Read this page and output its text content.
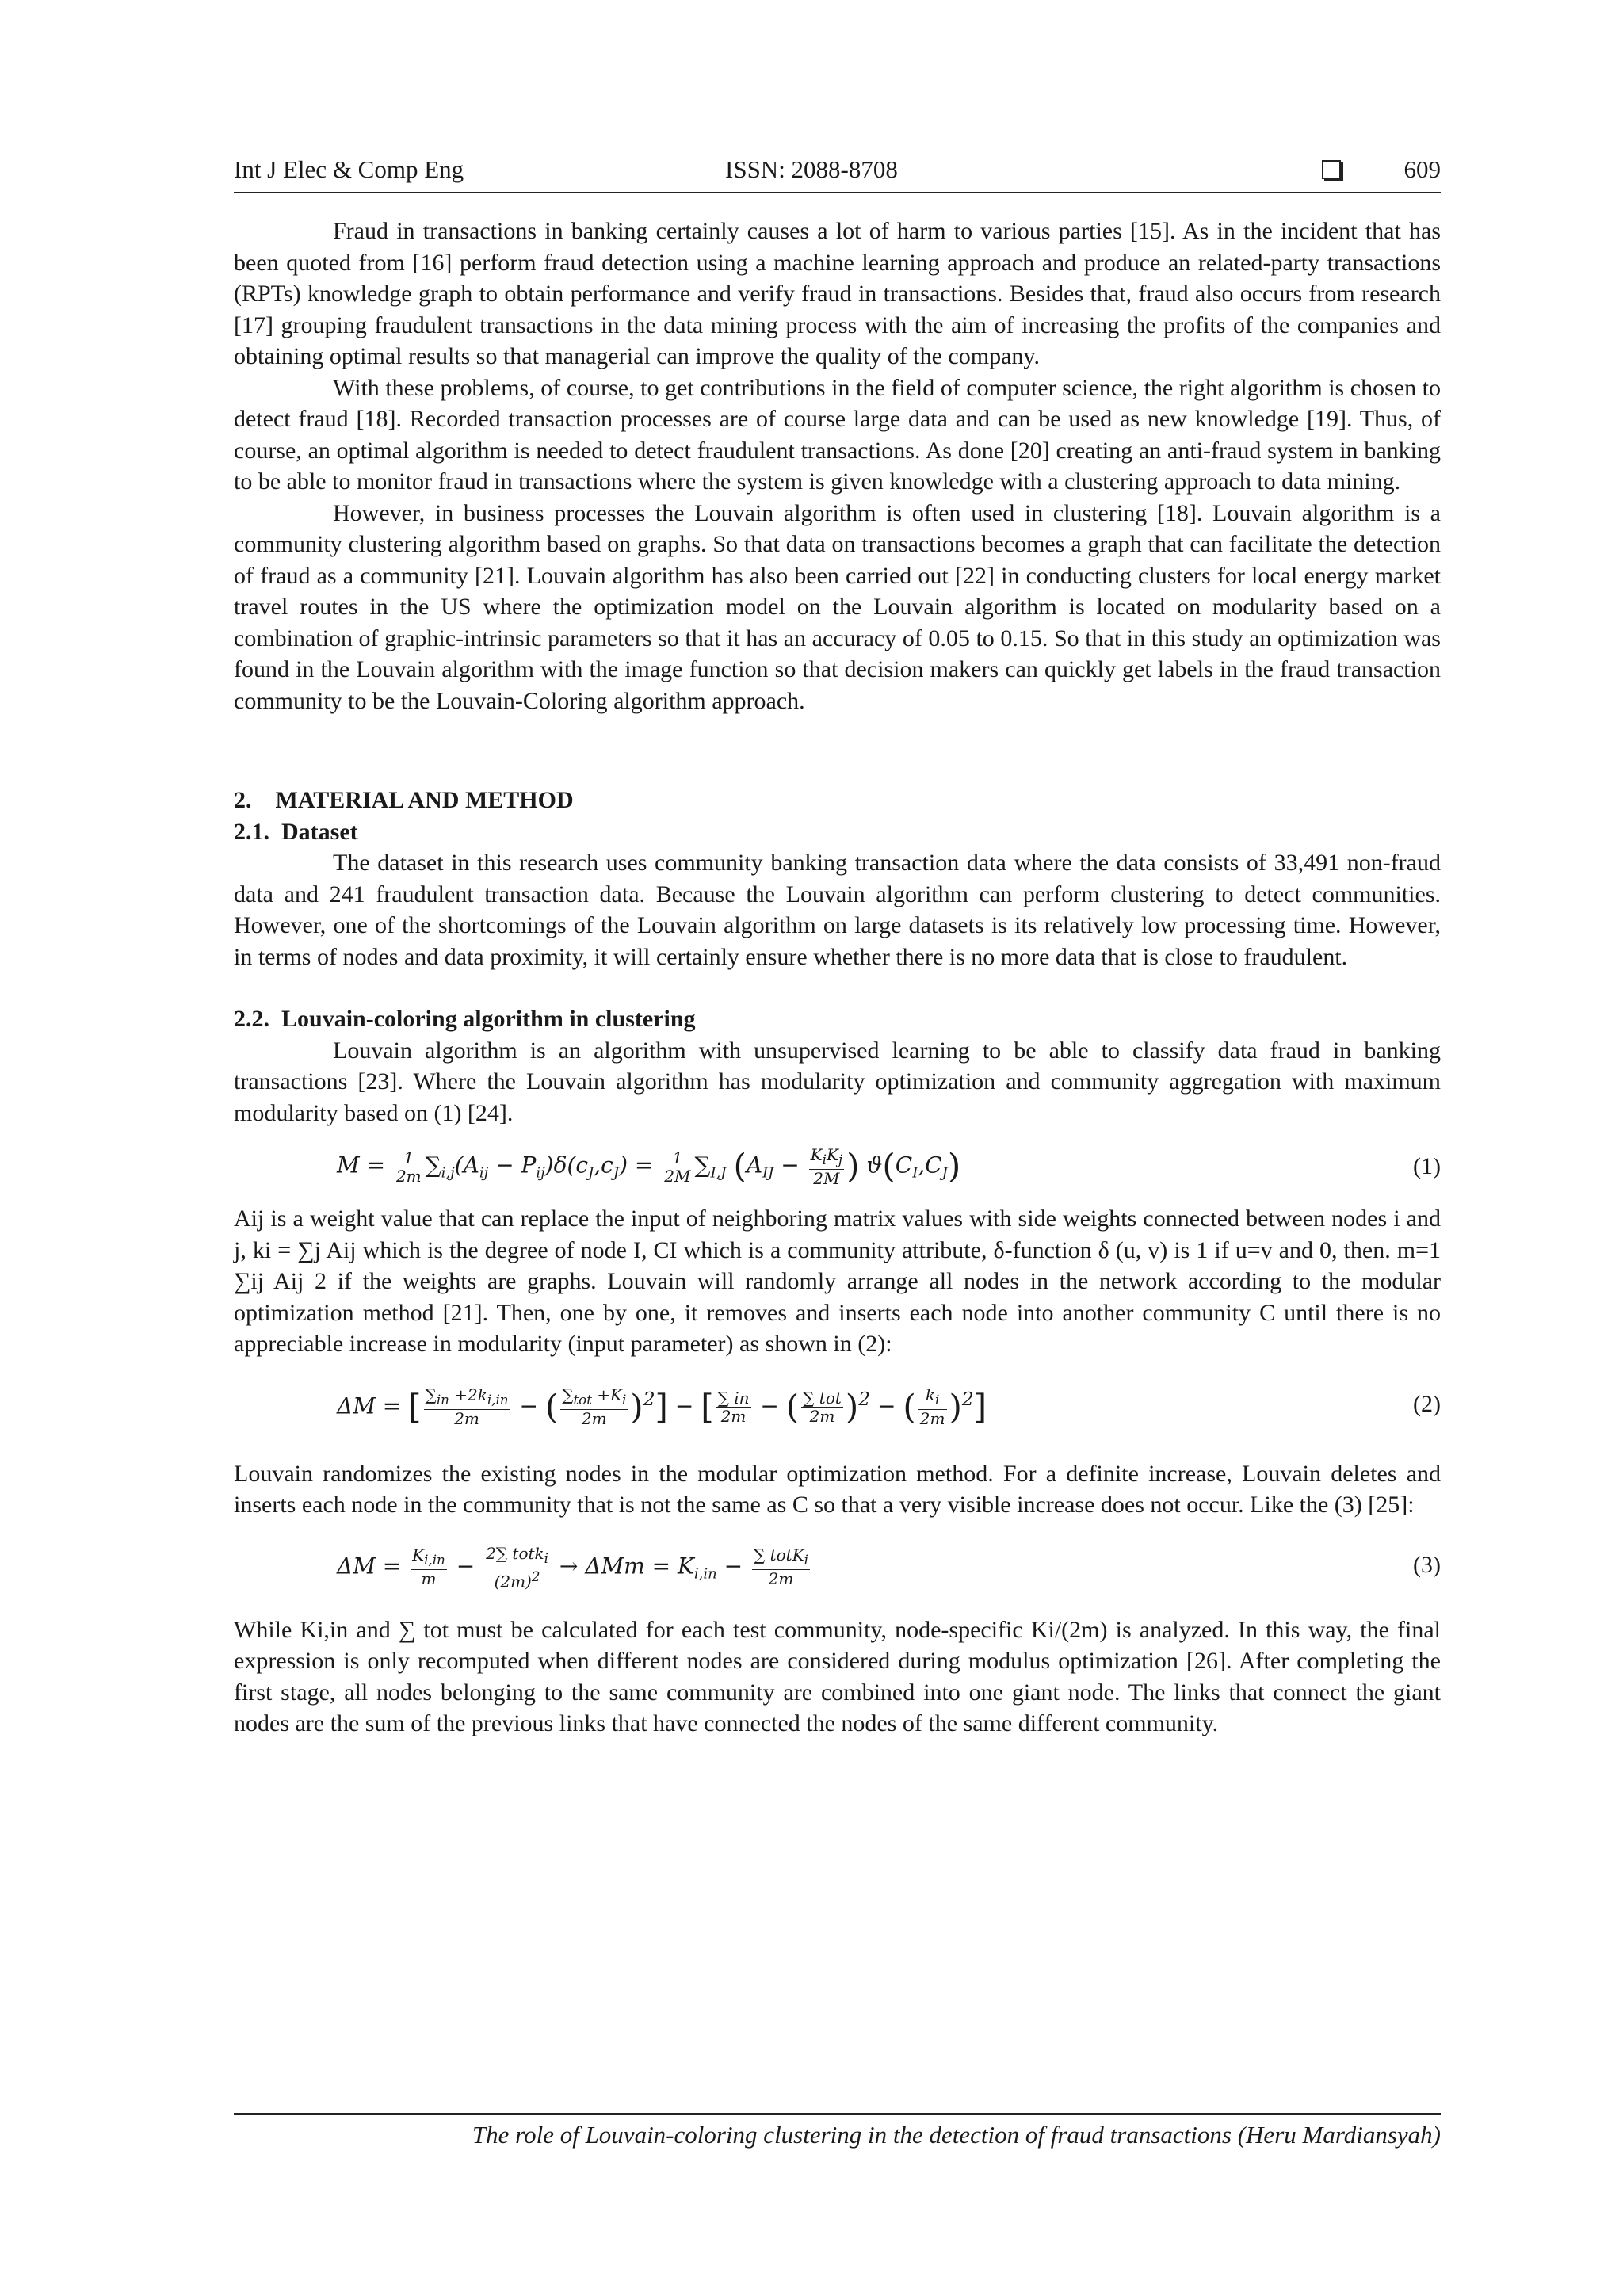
Int J Elec & Comp Eng	ISSN: 2088-8708	609

Fraud in transactions in banking certainly causes a lot of harm to various parties [15]. As in the incident that has been quoted from [16] perform fraud detection using a machine learning approach and produce an related-party transactions (RPTs) knowledge graph to obtain performance and verify fraud in transactions. Besides that, fraud also occurs from research [17] grouping fraudulent transactions in the data mining process with the aim of increasing the profits of the companies and obtaining optimal results so that managerial can improve the quality of the company.

With these problems, of course, to get contributions in the field of computer science, the right algorithm is chosen to detect fraud [18]. Recorded transaction processes are of course large data and can be used as new knowledge [19]. Thus, of course, an optimal algorithm is needed to detect fraudulent transactions. As done [20] creating an anti-fraud system in banking to be able to monitor fraud in transactions where the system is given knowledge with a clustering approach to data mining.

However, in business processes the Louvain algorithm is often used in clustering [18]. Louvain algorithm is a community clustering algorithm based on graphs. So that data on transactions becomes a graph that can facilitate the detection of fraud as a community [21]. Louvain algorithm has also been carried out [22] in conducting clusters for local energy market travel routes in the US where the optimization model on the Louvain algorithm is located on modularity based on a combination of graphic-intrinsic parameters so that it has an accuracy of 0.05 to 0.15. So that in this study an optimization was found in the Louvain algorithm with the image function so that decision makers can quickly get labels in the fraud transaction community to be the Louvain-Coloring algorithm approach.

2. MATERIAL AND METHOD

2.1. Dataset

The dataset in this research uses community banking transaction data where the data consists of 33,491 non-fraud data and 241 fraudulent transaction data. Because the Louvain algorithm can perform clustering to detect communities. However, one of the shortcomings of the Louvain algorithm on large datasets is its relatively low processing time. However, in terms of nodes and data proximity, it will certainly ensure whether there is no more data that is close to fraudulent.

2.2. Louvain-coloring algorithm in clustering

Louvain algorithm is an algorithm with unsupervised learning to be able to classify data fraud in banking transactions [23]. Where the Louvain algorithm has modularity optimization and community aggregation with maximum modularity based on (1) [24].

$M = \frac{1}{2m} \sum_{i,j}(A_{ij} - P_{ij})\delta(c_J,c_J) = \frac{1}{2M} \sum_{I,J}$ ($A_{IJ} - \frac{K_iK_j}{2M}$ ) $ϑ(C_I,C_J)$	(1)

Aij is a weight value that can replace the input of neighboring matrix values with side weights connected between nodes i and j, ki = ∑j Aij which is the degree of node I, CI which is a community attribute, δ-function δ (u, v) is 1 if u=v and 0, then. m=1 ∑ij Aij 2 if the weights are graphs. Louvain will randomly arrange all nodes in the network according to the modular optimization method [21]. Then, one by one, it removes and inserts each node into another community C until there is no appreciable increase in modularity (input parameter) as shown in (2):

ΔM = [ $\frac{\sum_{in} +2k_{i,in}}{2m}$ − ( $\frac{\sum_{tot} +K_i}{2m} )^2$] − [ $\frac{\sum in}{2m}$ − ( $\frac{\text{∑ tot}}{2m} )^2$ − ( $\frac{k_i}{2m} )^2$]	(2)

Louvain randomizes the existing nodes in the modular optimization method. For a definite increase, Louvain deletes and inserts each node in the community that is not the same as C so that a very visible increase does not occur. Like the (3) [25]:

$\Delta M = \frac{K_{i,in}}{m} - \frac{2\sum totk_i}{(2m)^2} \to \Delta Mm = K_{i,in} - \frac{\sum totK_i}{2m}$	(3)

While Ki,in and ∑ tot must be calculated for each test community, node-specific Ki/(2m) is analyzed. In this way, the final expression is only recomputed when different nodes are considered during modulus optimization [26]. After completing the first stage, all nodes belonging to the same community are combined into one giant node. The links that connect the giant nodes are the sum of the previous links that have connected the nodes of the same different community.

The role of Louvain-coloring clustering in the detection of fraud transactions (Heru Mardiansyah)
